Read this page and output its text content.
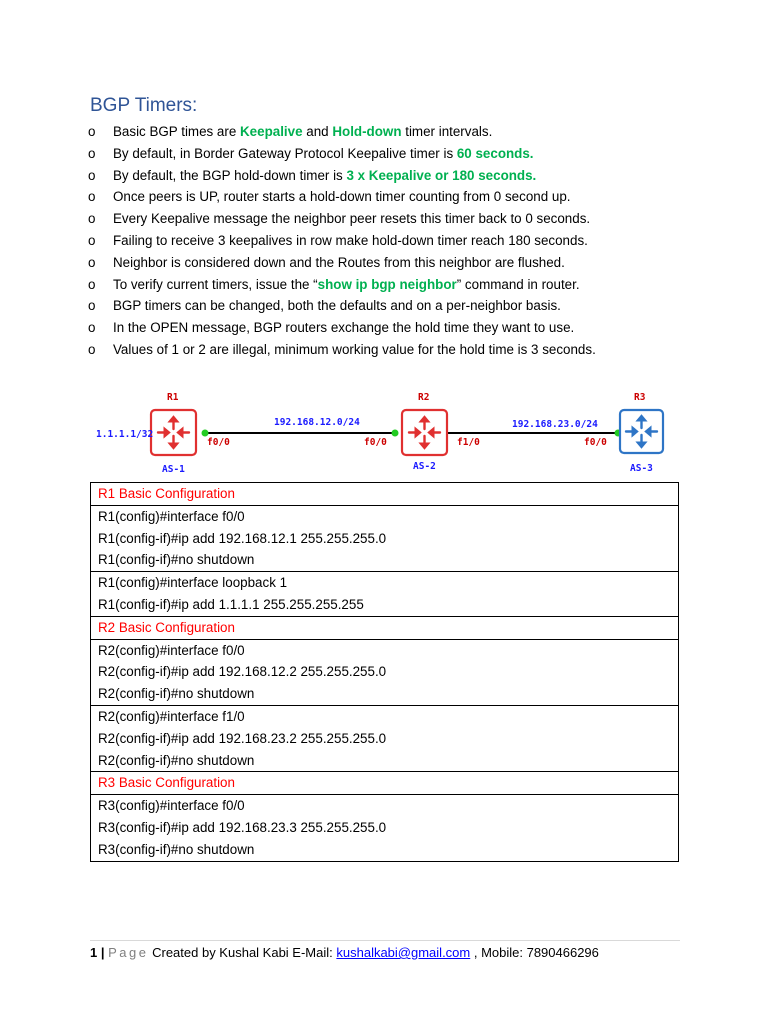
BGP Timers:
o Basic BGP times are Keepalive and Hold-down timer intervals.
o By default, in Border Gateway Protocol Keepalive timer is 60 seconds.
o By default, the BGP hold-down timer is 3 x Keepalive or 180 seconds.
o Once peers is UP, router starts a hold-down timer counting from 0 second up.
o Every Keepalive message the neighbor peer resets this timer back to 0 seconds.
o Failing to receive 3 keepalives in row make hold-down timer reach 180 seconds.
o Neighbor is considered down and the Routes from this neighbor are flushed.
o To verify current timers, issue the “show ip bgp neighbor” command in router.
o BGP timers can be changed, both the defaults and on a per-neighbor basis.
o In the OPEN message, BGP routers exchange the hold time they want to use.
o Values of 1 or 2 are illegal, minimum working value for the hold time is 3 seconds.
R1	R2	R3
1.1.1.1/32
192.168.12.0/24	192.168.23.0/24
f0/0	f0/0	f1/0	f0/0
AS-1	AS-2	AS-3
R1 Basic Configuration

R1(config)#interface f0/0
R1(config-if)#ip add 192.168.12.1 255.255.255.0
R1(config-if)#no shutdown

R1(config)#interface loopback 1
R1(config-if)#ip add 1.1.1.1 255.255.255.255

R2 Basic Configuration

R2(config)#interface f0/0
R2(config-if)#ip add 192.168.12.2 255.255.255.0
R2(config-if)#no shutdown

R2(config)#interface f1/0
R2(config-if)#ip add 192.168.23.2 255.255.255.0
R2(config-if)#no shutdown

R3 Basic Configuration

R3(config)#interface f0/0
R3(config-if)#ip add 192.168.23.3 255.255.255.0
R3(config-if)#no shutdown
1 | Page Created by Kushal Kabi E-Mail: kushalkabi@gmail.com , Mobile: 7890466296
